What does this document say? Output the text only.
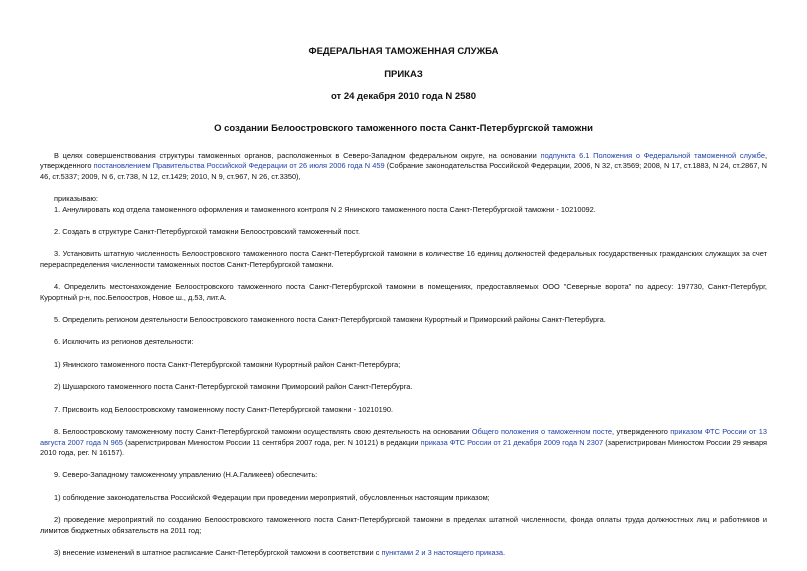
ФЕДЕРАЛЬНАЯ ТАМОЖЕННАЯ СЛУЖБА
ПРИКАЗ
от 24 декабря 2010 года N 2580
О создании Белоостровского таможенного поста Санкт-Петербургской таможни

В целях совершенствования структуры таможенных органов, расположенных в Северо-Западном федеральном округе, на основании подпункта 6.1 Положения о Федеральной таможенной службе, утвержденного постановлением Правительства Российской Федерации от 26 июля 2006 года N 459 (Собрание законодательства Российской Федерации, 2006, N 32, ст.3569; 2008, N 17, ст.1883, N 24, ст.2867, N 46, ст.5337; 2009, N 6, ст.738, N 12, ст.1429; 2010, N 9, ст.967, N 26, ст.3350),

приказываю:

1. Аннулировать код отдела таможенного оформления и таможенного контроля N 2 Янинского таможенного поста Санкт-Петербургской таможни - 10210092.

2. Создать в структуре Санкт-Петербургской таможни Белоостровский таможенный пост.

3. Установить штатную численность Белоостровского таможенного поста Санкт-Петербургской таможни в количестве 16 единиц должностей федеральных государственных гражданских служащих за счет перераспределения численности таможенных постов Санкт-Петербургской таможни.

4. Определить местонахождение Белоостровского таможенного поста Санкт-Петербургской таможни в помещениях, предоставляемых ООО "Северные ворота" по адресу: 197730, Санкт-Петербург, Курортный р-н, пос.Белоостров, Новое ш., д.53, лит.А.

5. Определить регионом деятельности Белоостровского таможенного поста Санкт-Петербургской таможни Курортный и Приморский районы Санкт-Петербурга.

6. Исключить из регионов деятельности:

1) Янинского таможенного поста Санкт-Петербургской таможни Курортный район Санкт-Петербурга;

2) Шушарского таможенного поста Санкт-Петербургской таможни Приморский район Санкт-Петербурга.

7. Присвоить код Белоостровскому таможенному посту Санкт-Петербургской таможни - 10210190.

8. Белоостровскому таможенному посту Санкт-Петербургской таможни осуществлять свою деятельность на основании Общего положения о таможенном посте, утвержденного приказом ФТС России от 13 августа 2007 года N 965 (зарегистрирован Минюстом России 11 сентября 2007 года, рег. N 10121) в редакции приказа ФТС России от 21 декабря 2009 года N 2307 (зарегистрирован Минюстом России 29 января 2010 года, рег. N 16157).

9. Северо-Западному таможенному управлению (Н.А.Галикеев) обеспечить:

1) соблюдение законодательства Российской Федерации при проведении мероприятий, обусловленных настоящим приказом;

2) проведение мероприятий по созданию Белоостровского таможенного поста Санкт-Петербургской таможни в пределах штатной численности, фонда оплаты труда должностных лиц и работников и лимитов бюджетных обязательств на 2011 год;

3) внесение изменений в штатное расписание Санкт-Петербургской таможни в соответствии с пунктами 2 и 3 настоящего приказа.
